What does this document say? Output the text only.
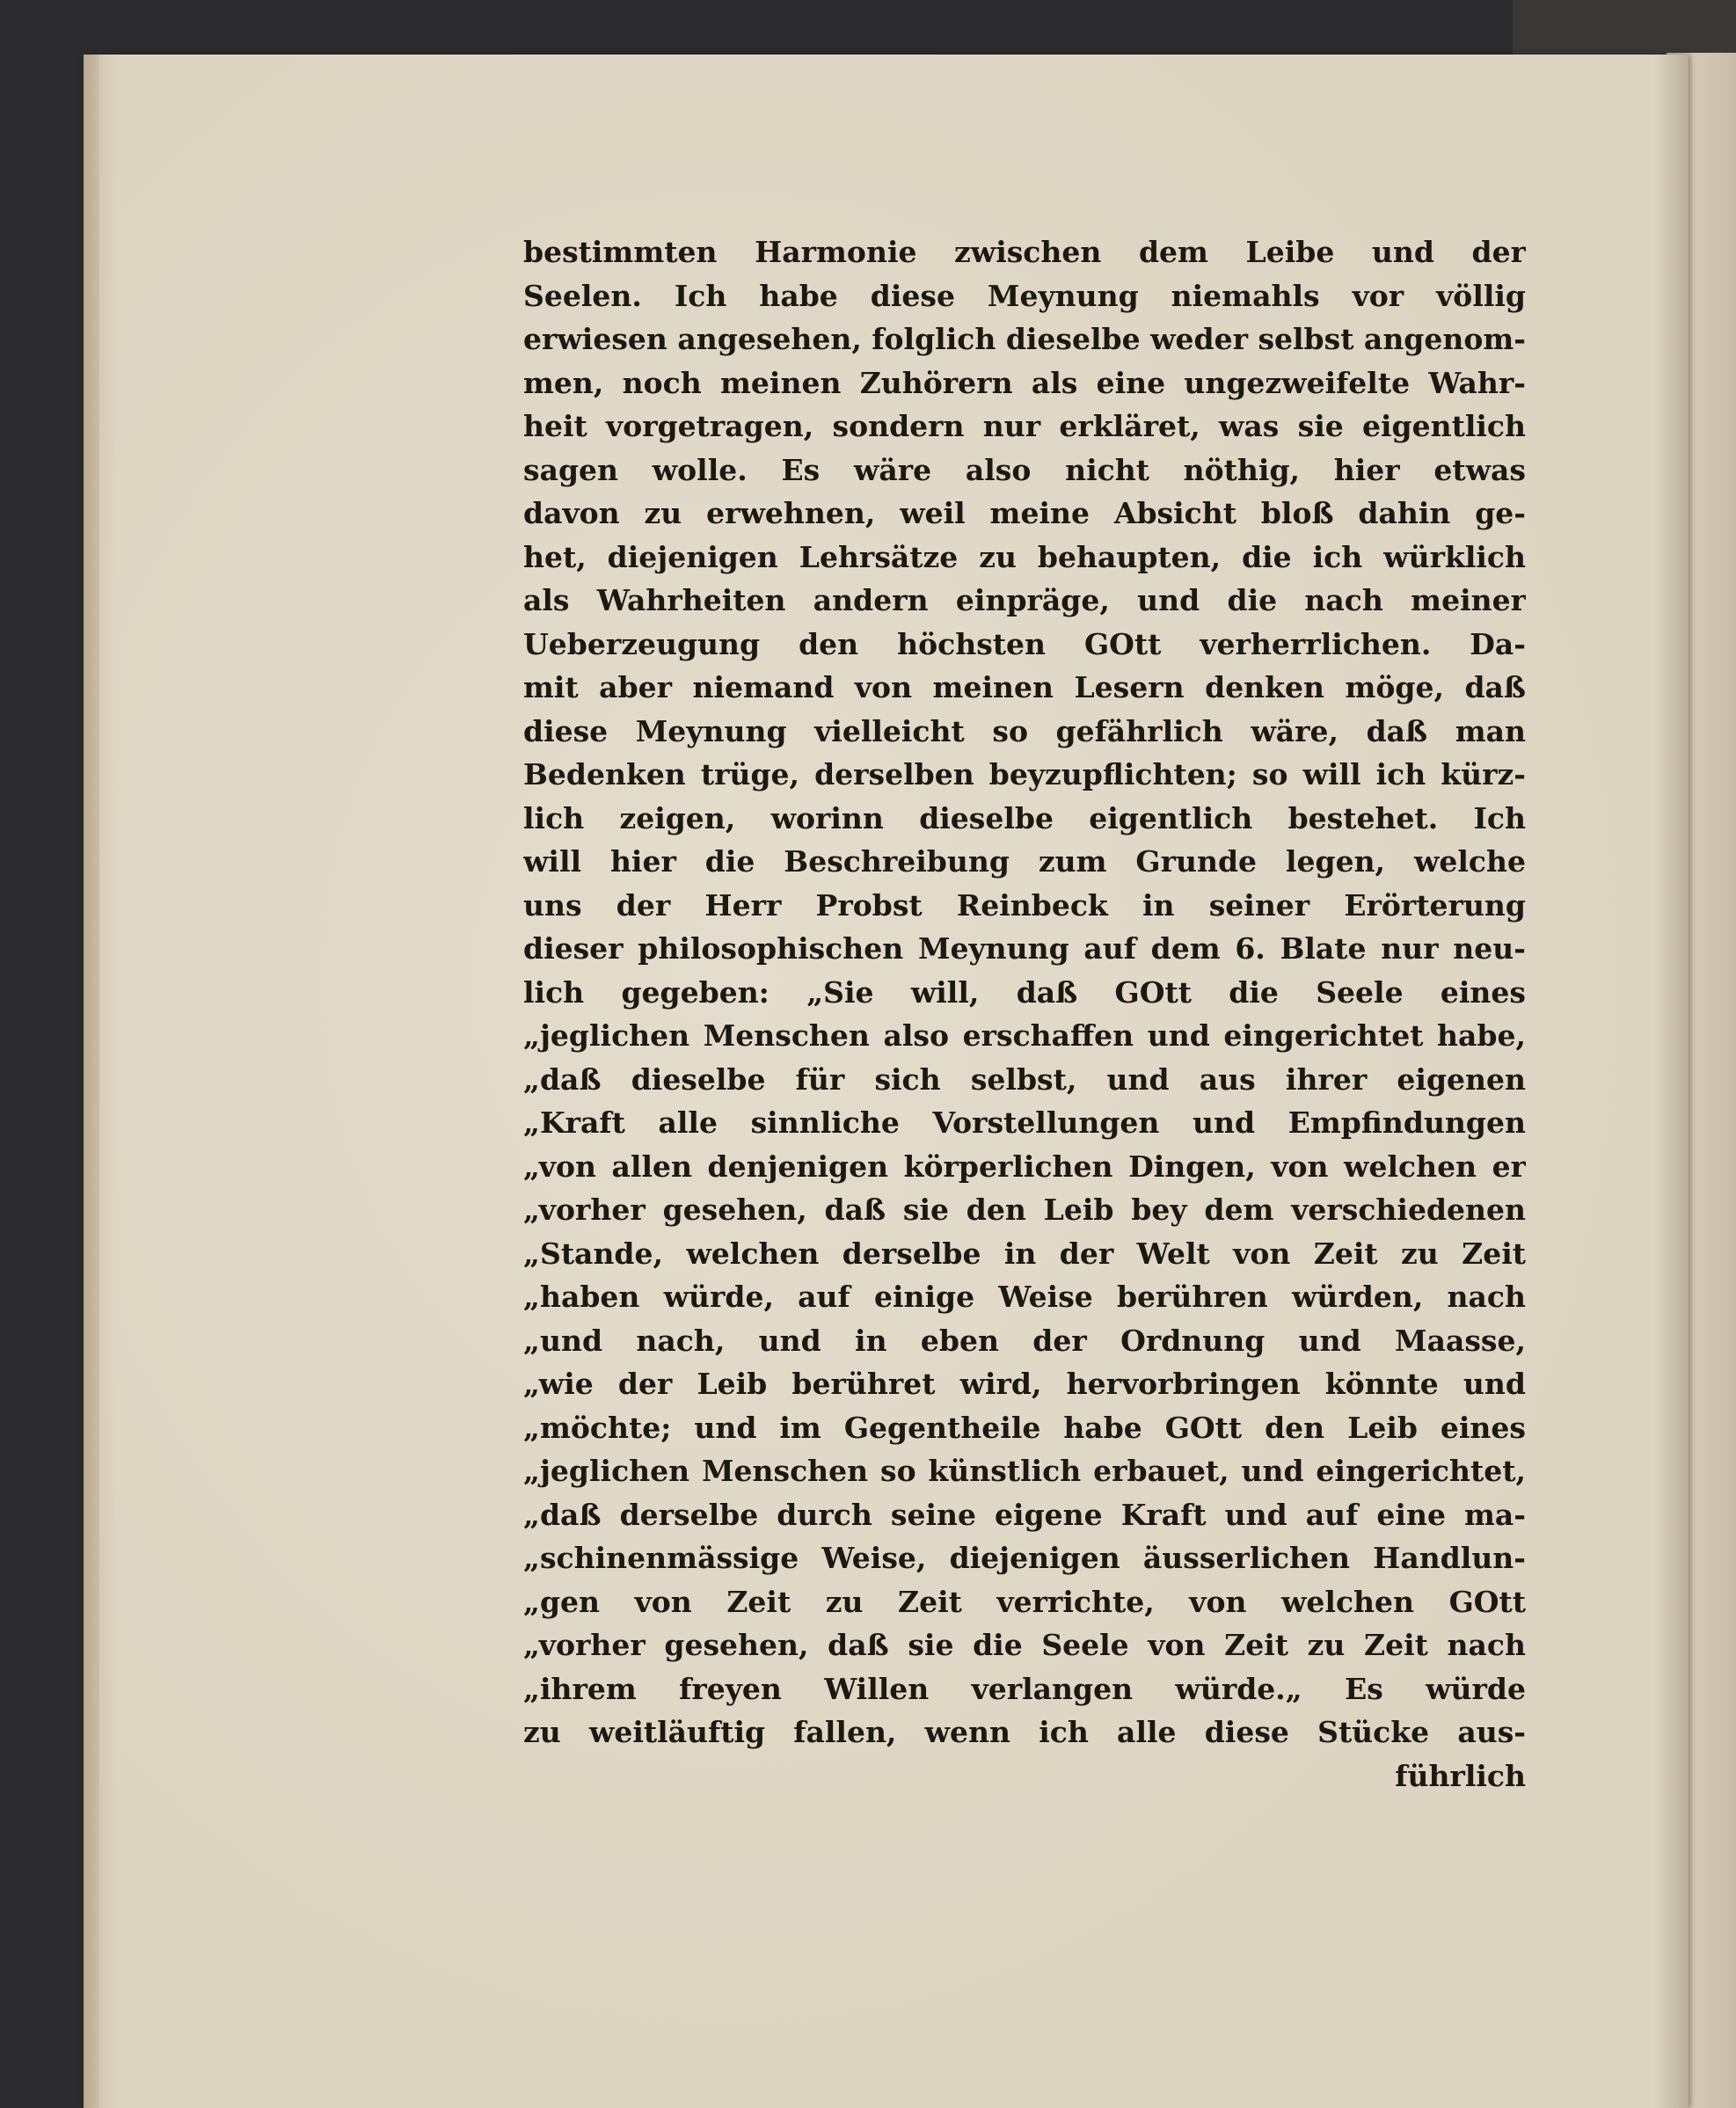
bestimmten Harmonie zwischen dem Leibe und der
Seelen. Ich habe diese Meynung niemahls vor völlig
erwiesen angesehen, folglich dieselbe weder selbst angenom-
men, noch meinen Zuhörern als eine ungezweifelte Wahr-
heit vorgetragen, sondern nur erkläret, was sie eigentlich
sagen wolle. Es wäre also nicht nöthig, hier etwas
davon zu erwehnen, weil meine Absicht bloß dahin ge-
het, diejenigen Lehrsätze zu behaupten, die ich würklich
als Wahrheiten andern einpräge, und die nach meiner
Ueberzeugung den höchsten GOtt verherrlichen. Da-
mit aber niemand von meinen Lesern denken möge, daß
diese Meynung vielleicht so gefährlich wäre, daß man
Bedenken trüge, derselben beyzupflichten; so will ich kürz-
lich zeigen, worinn dieselbe eigentlich bestehet. Ich
will hier die Beschreibung zum Grunde legen, welche
uns der Herr Probst Reinbeck in seiner Erörterung
dieser philosophischen Meynung auf dem 6. Blate nur neu-
lich gegeben: „Sie will, daß GOtt die Seele eines
„jeglichen Menschen also erschaffen und eingerichtet habe,
„daß dieselbe für sich selbst, und aus ihrer eigenen
„Kraft alle sinnliche Vorstellungen und Empfindungen
„von allen denjenigen körperlichen Dingen, von welchen er
„vorher gesehen, daß sie den Leib bey dem verschiedenen
„Stande, welchen derselbe in der Welt von Zeit zu Zeit
„haben würde, auf einige Weise berühren würden, nach
„und nach, und in eben der Ordnung und Maasse,
„wie der Leib berühret wird, hervorbringen könnte und
„möchte; und im Gegentheile habe GOtt den Leib eines
„jeglichen Menschen so künstlich erbauet, und eingerichtet,
„daß derselbe durch seine eigene Kraft und auf eine ma-
„schinenmässige Weise, diejenigen äusserlichen Handlun-
„gen von Zeit zu Zeit verrichte, von welchen GOtt
„vorher gesehen, daß sie die Seele von Zeit zu Zeit nach
„ihrem freyen Willen verlangen würde.„ Es würde
zu weitläuftig fallen, wenn ich alle diese Stücke aus-
führlich
